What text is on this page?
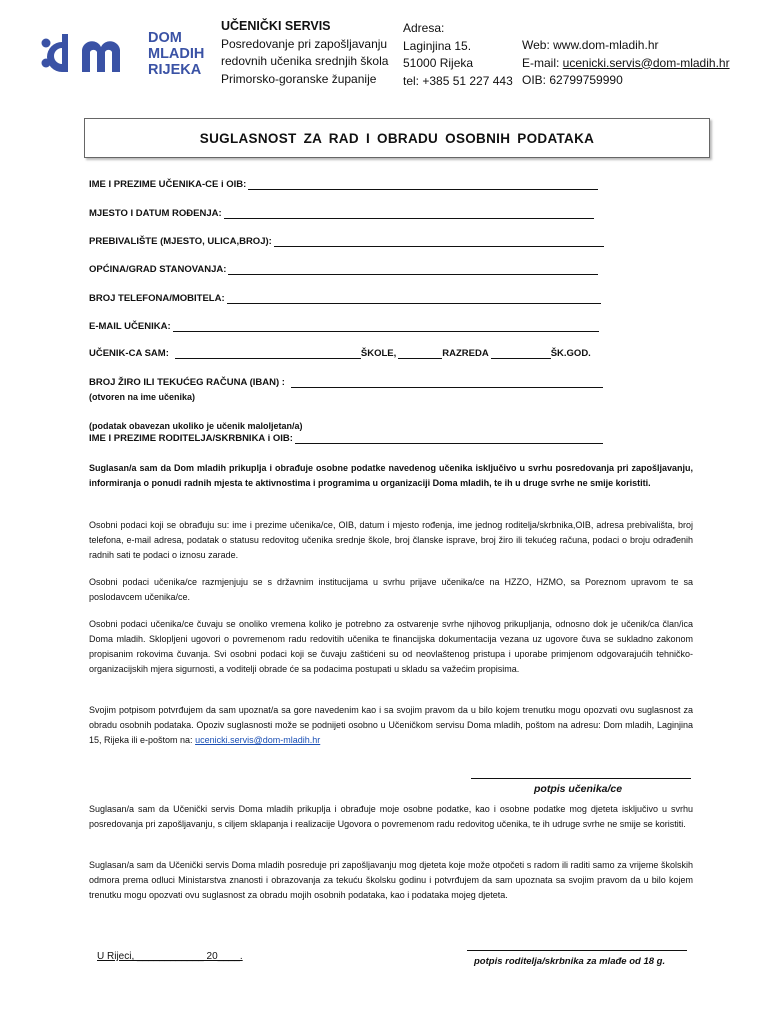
DOM
MLADIH
RIJEKA
UČENIČKI SERVIS
Posredovanje pri zapošljavanju
redovnih učenika srednjih škola
Primorsko-goranske županije
Adresa:
Laginjina 15.
51000 Rijeka
tel: +385 51 227 443
Web: www.dom-mladih.hr
E-mail: ucenicki.servis@dom-mladih.hr
OIB: 62799759990
SUGLASNOST ZA RAD I OBRADU OSOBNIH PODATAKA
IME I PREZIME UČENIKA-CE i OIB:
MJESTO I DATUM ROĐENJA:
PREBIVALIŠTE (MJESTO, ULICA,BROJ):
OPĆINA/GRAD STANOVANJA:
BROJ TELEFONA/MOBITELA:
E-MAIL UČENIKA:
UČENIK-CA SAM:	ŠKOLE,	RAZREDA	ŠK.GOD.
BROJ ŽIRO ILI TEKUĆEG RAČUNA (IBAN) :
(otvoren na ime učenika)
(podatak obavezan ukoliko je učenik maloljetan/a)
IME I PREZIME RODITELJA/SKRBNIKA i OIB:
Suglasan/a sam da Dom mladih prikuplja i obrađuje osobne podatke navedenog učenika isključivo u svrhu posredovanja pri zapošljavanju, informiranja o ponudi radnih mjesta te aktivnostima i programima u organizaciji Doma mladih, te ih u druge svrhe ne smije koristiti.
Osobni podaci koji se obrađuju su: ime i prezime učenika/ce, OIB, datum i mjesto rođenja, ime jednog roditelja/skrbnika,OIB, adresa prebivališta, broj telefona, e-mail adresa, podatak o statusu redovitog učenika srednje škole, broj članske isprave, broj žiro ili tekućeg računa, podaci o broju odrađenih radnih sati te podaci o iznosu zarade.
Osobni podaci učenika/ce razmjenjuju se s državnim institucijama u svrhu prijave učenika/ce na HZZO, HZMO, sa Poreznom upravom te sa poslodavcem učenika/ce.
Osobni podaci učenika/ce čuvaju se onoliko vremena koliko je potrebno za ostvarenje svrhe njihovog prikupljanja, odnosno dok je učenik/ca član/ica Doma mladih. Sklopljeni ugovori o povremenom radu redovitih učenika te financijska dokumentacija vezana uz ugovore čuva se sukladno zakonom propisanim rokovima čuvanja. Svi osobni podaci koji se čuvaju zaštićeni su od neovlaštenog pristupa i uporabe primjenom odgovarajućih tehničko-organizacijskih mjera sigurnosti, a voditelji obrade će sa podacima postupati u skladu sa važećim propisima.
Svojim potpisom potvrđujem da sam upoznat/a sa gore navedenim kao i sa svojim pravom da u bilo kojem trenutku mogu opozvati ovu suglasnost za obradu osobnih podataka. Opoziv suglasnosti može se podnijeti osobno u Učeničkom servisu Doma mladih, poštom na adresu: Dom mladih, Laginjina 15, Rijeka ili e-poštom na: ucenicki.servis@dom-mladih.hr
potpis učenika/ce
Suglasan/a sam da Učenički servis Doma mladih prikuplja i obrađuje moje osobne podatke, kao i osobne podatke mog djeteta isključivo u svrhu posredovanja pri zapošljavanju, s ciljem sklapanja i realizacije Ugovora o povremenom radu redovitog učenika, te ih udruge svrhe ne smije se koristiti.
Suglasan/a sam da Učenički servis Doma mladih posreduje pri zapošljavanju mog djeteta koje može otpočeti s radom ili raditi samo za vrijeme školskih odmora prema odluci Ministarstva znanosti i obrazovanja za tekuću školsku godinu i potvrđujem da sam upoznata sa svojim pravom da u bilo kojem trenutku mogu opozvati ovu suglasnost za obradu mojih osobnih podataka, kao i podataka mojeg djeteta.
U Rijeci, ____________ 20____.	potpis roditelja/skrbnika za mlađe od 18 g.
